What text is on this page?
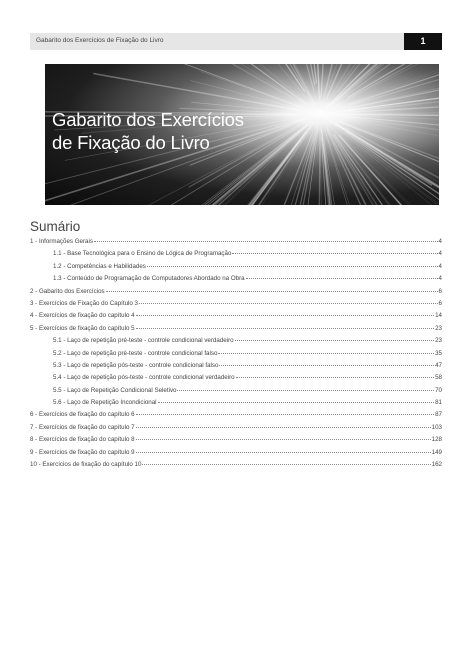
Gabarito dos Exercícios de Fixação do Livro	1
Gabarito dos Exercícios
de Fixação do Livro
Sumário
1 - Informações Gerais	4
1.1 - Base Tecnológica para o Ensino de Lógica de Programação	4
1.2 - Competências e Habilidades	4
1.3 - Conteúdo de Programação de Computadores Abordado na Obra	4
2 - Gabarito dos Exercícios	6
3 - Exercícios de Fixação do Capítulo 3	6
4 - Exercícios de fixação do capítulo 4	14
5 - Exercícios de fixação do capítulo 5	23
5.1 - Laço de repetição pré-teste - controle condicional verdadeiro	23
5.2 - Laço de repetição pré-teste - controle condicional falso	35
5.3 - Laço de repetição pós-teste - controle condicional falso	47
5.4 - Laço de repetição pós-teste - controle condicional verdadeiro	58
5.5 - Laço de Repetição Condicional Seletivo	70
5.6 - Laço de Repetição Incondicional	81
6 - Exercícios de fixação do capítulo 6	87
7 - Exercícios de fixação do capítulo 7	103
8 - Exercícios de fixação do capítulo 8	128
9 - Exercícios de fixação do capítulo 9	149
10 - Exercícios de fixação do capítulo 10	162
